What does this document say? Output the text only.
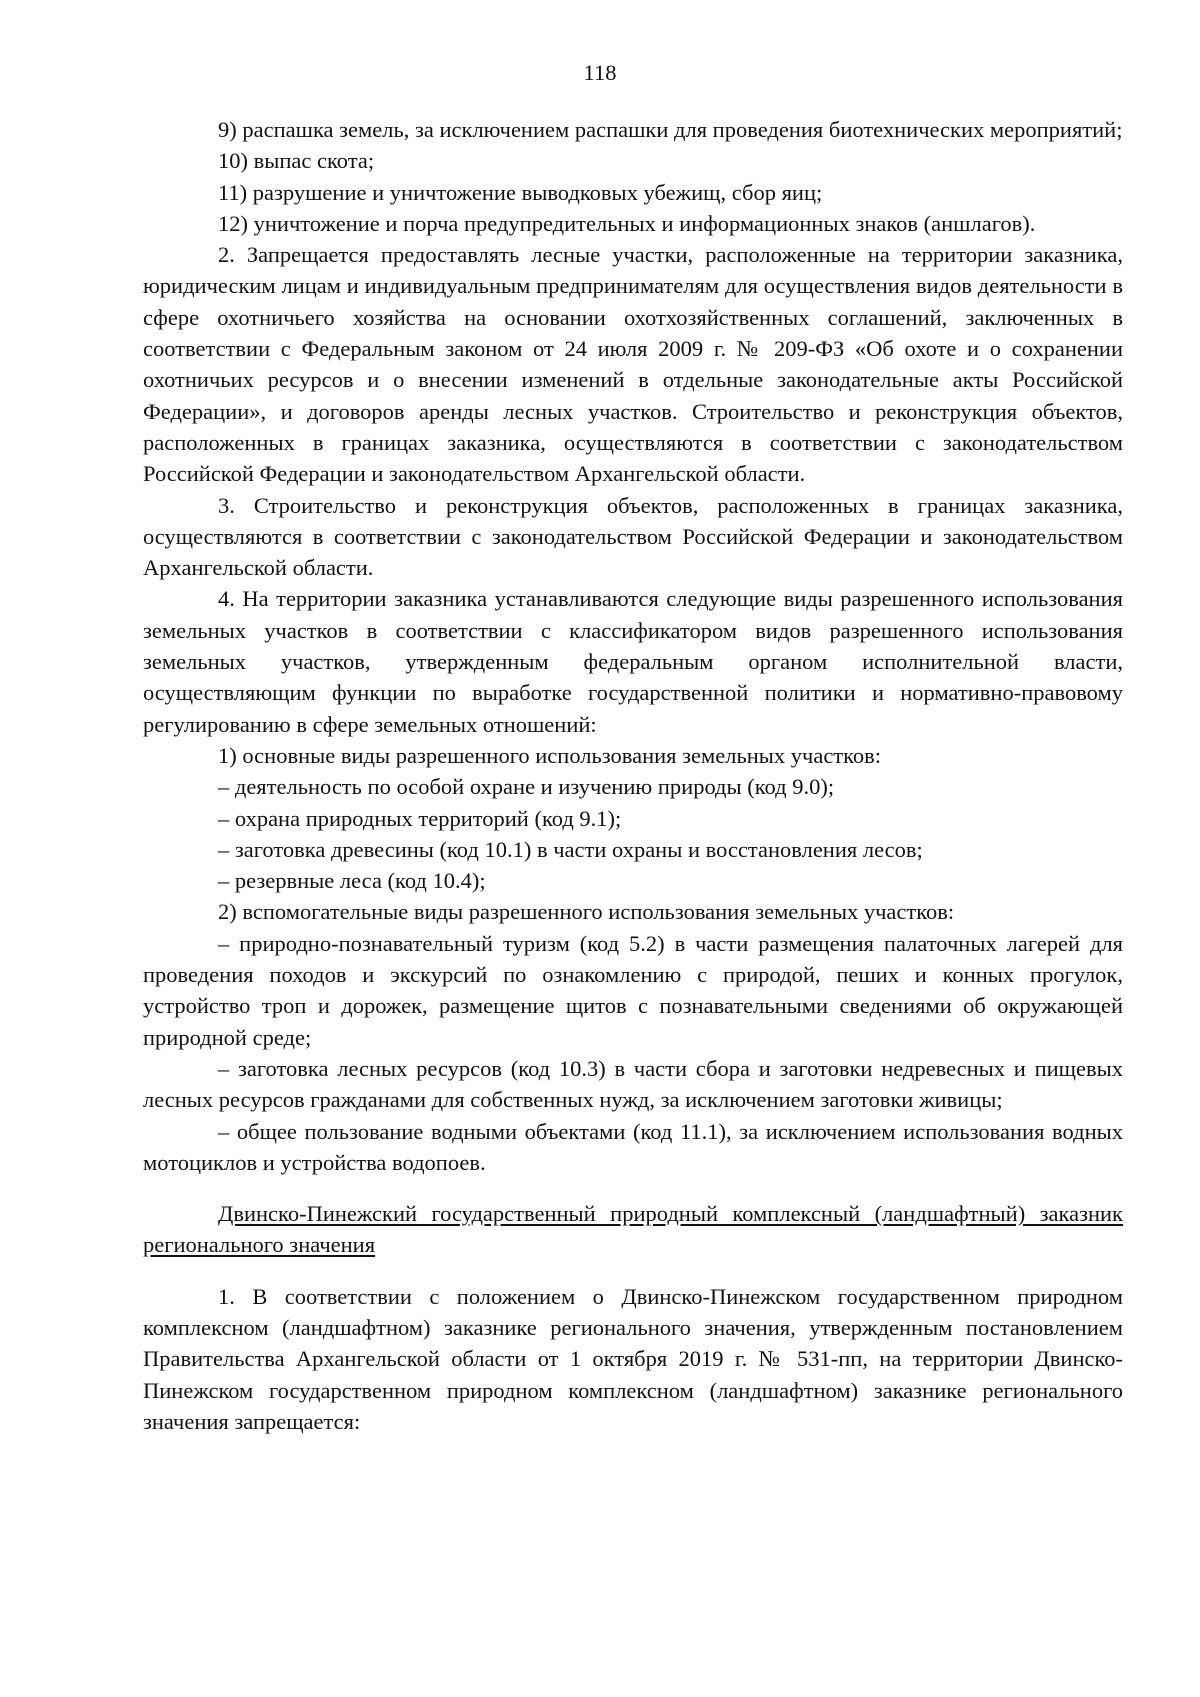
118

9) распашка земель, за исключением распашки для проведения биотехнических мероприятий;

10) выпас скота;

11) разрушение и уничтожение выводковых убежищ, сбор яиц;

12) уничтожение и порча предупредительных и информационных знаков (аншлагов).

2. Запрещается предоставлять лесные участки, расположенные на территории заказника, юридическим лицам и индивидуальным предпринимателям для осуществления видов деятельности в сфере охотничьего хозяйства на основании охотхозяйственных соглашений, заключенных в соответствии с Федеральным законом от 24 июля 2009 г. № 209-ФЗ «Об охоте и о сохранении охотничьих ресурсов и о внесении изменений в отдельные законодательные акты Российской Федерации», и договоров аренды лесных участков. Строительство и реконструкция объектов, расположенных в границах заказника, осуществляются в соответствии с законодательством Российской Федерации и законодательством Архангельской области.

3. Строительство и реконструкция объектов, расположенных в границах заказника, осуществляются в соответствии с законодательством Российской Федерации и законодательством Архангельской области.

4. На территории заказника устанавливаются следующие виды разрешенного использования земельных участков в соответствии с классификатором видов разрешенного использования земельных участков, утвержденным федеральным органом исполнительной власти, осуществляющим функции по выработке государственной политики и нормативно-правовому регулированию в сфере земельных отношений:

1) основные виды разрешенного использования земельных участков:

– деятельность по особой охране и изучению природы (код 9.0);

– охрана природных территорий (код 9.1);

– заготовка древесины (код 10.1) в части охраны и восстановления лесов;

– резервные леса (код 10.4);

2) вспомогательные виды разрешенного использования земельных участков:

– природно-познавательный туризм (код 5.2) в части размещения палаточных лагерей для проведения походов и экскурсий по ознакомлению с природой, пеших и конных прогулок, устройство троп и дорожек, размещение щитов с познавательными сведениями об окружающей природной среде;

– заготовка лесных ресурсов (код 10.3) в части сбора и заготовки недревесных и пищевых лесных ресурсов гражданами для собственных нужд, за исключением заготовки живицы;

– общее пользование водными объектами (код 11.1), за исключением использования водных мотоциклов и устройства водопоев.

Двинско-Пинежский государственный природный комплексный (ландшафтный) заказник регионального значения

1. В соответствии с положением о Двинско-Пинежском государственном природном комплексном (ландшафтном) заказнике регионального значения, утвержденным постановлением Правительства Архангельской области от 1 октября 2019 г. № 531-пп, на территории Двинско-Пинежском государственном природном комплексном (ландшафтном) заказнике регионального значения запрещается:
